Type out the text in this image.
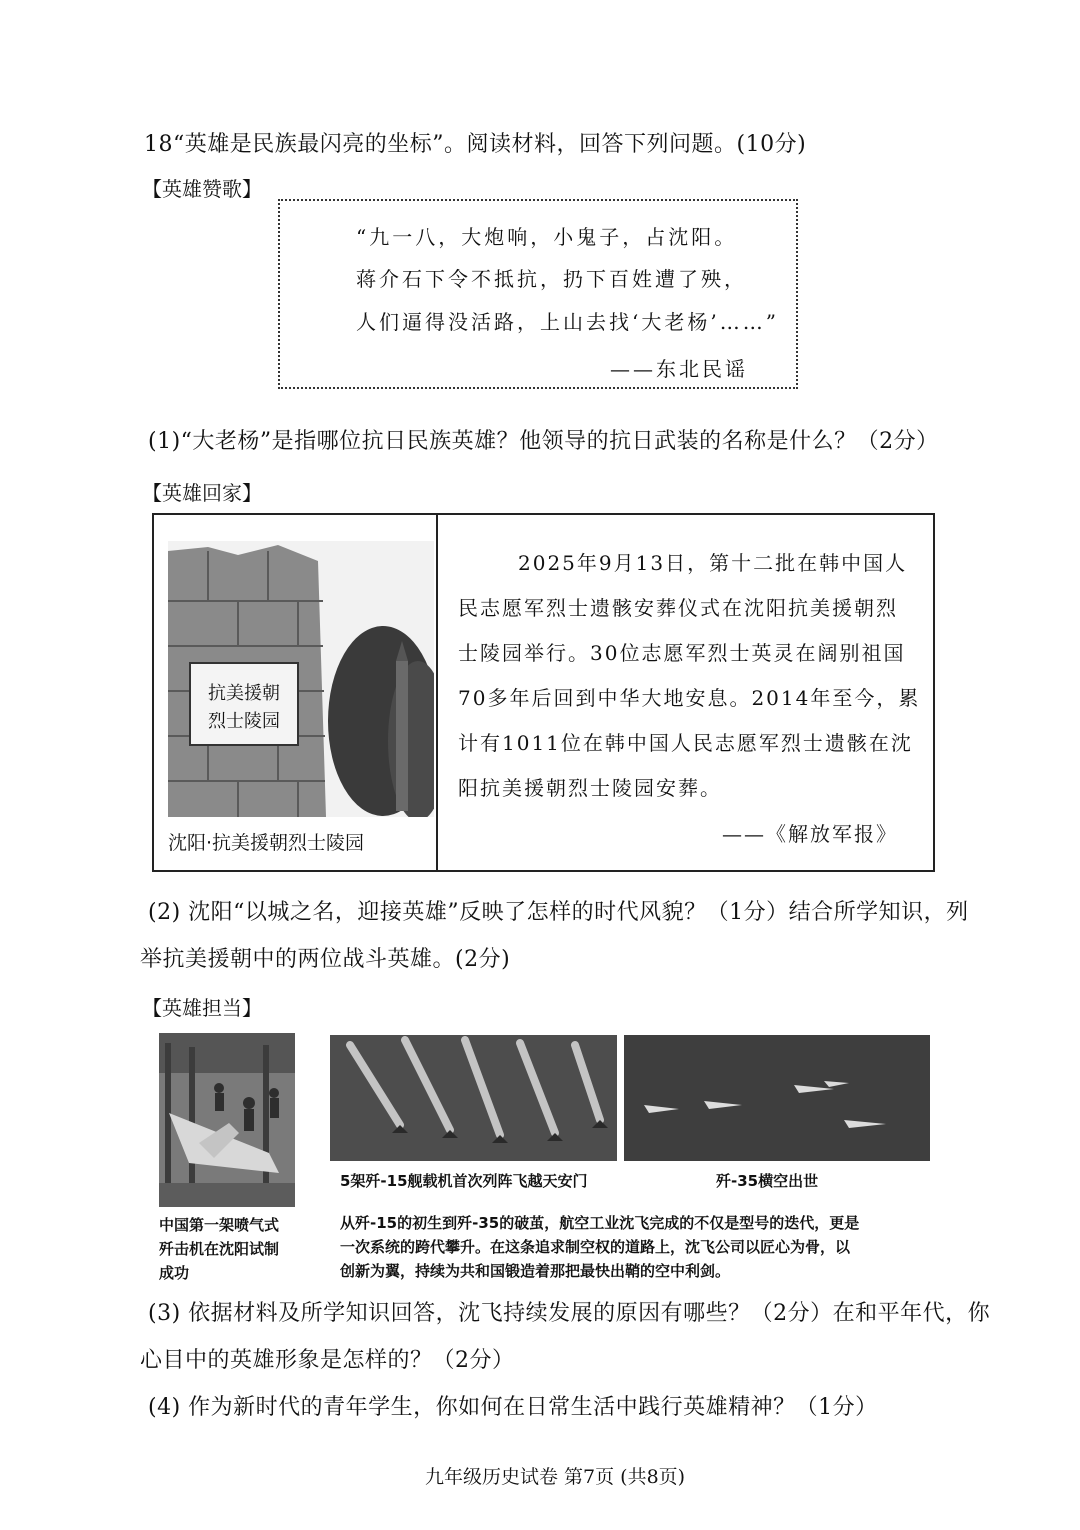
18“英雄是民族最闪亮的坐标”。阅读材料，回答下列问题。(10分)
【英雄赞歌】
“九一八，大炮响，小鬼子，占沈阳。
蒋介石下令不抵抗，扔下百姓遭了殃，
人们逼得没活路，上山去找‘大老杨’……”
——东北民谣
(1)“大老杨”是指哪位抗日民族英雄？他领导的抗日武装的名称是什么？（2分）
【英雄回家】
抗美援朝
烈士陵园
沈阳·抗美援朝烈士陵园
2025年9月13日，第十二批在韩中国人
民志愿军烈士遗骸安葬仪式在沈阳抗美援朝烈
士陵园举行。30位志愿军烈士英灵在阔别祖国
70多年后回到中华大地安息。2014年至今，累
计有1011位在韩中国人民志愿军烈士遗骸在沈
阳抗美援朝烈士陵园安葬。
——《解放军报》
(2) 沈阳“以城之名，迎接英雄”反映了怎样的时代风貌？（1分）结合所学知识，列
举抗美援朝中的两位战斗英雄。(2分)
【英雄担当】
中国第一架喷气式
歼击机在沈阳试制
成功
5架歼-15舰载机首次列阵飞越天安门	歼-35横空出世
从歼-15的初生到歼-35的破茧，航空工业沈飞完成的不仅是型号的迭代，更是
一次系统的跨代攀升。在这条追求制空权的道路上，沈飞公司以匠心为骨，以
创新为翼，持续为共和国锻造着那把最快出鞘的空中利剑。
(3) 依据材料及所学知识回答，沈飞持续发展的原因有哪些？（2分）在和平年代，你
心目中的英雄形象是怎样的？（2分）
(4) 作为新时代的青年学生，你如何在日常生活中践行英雄精神？（1分）
九年级历史试卷 第7页 (共8页)
